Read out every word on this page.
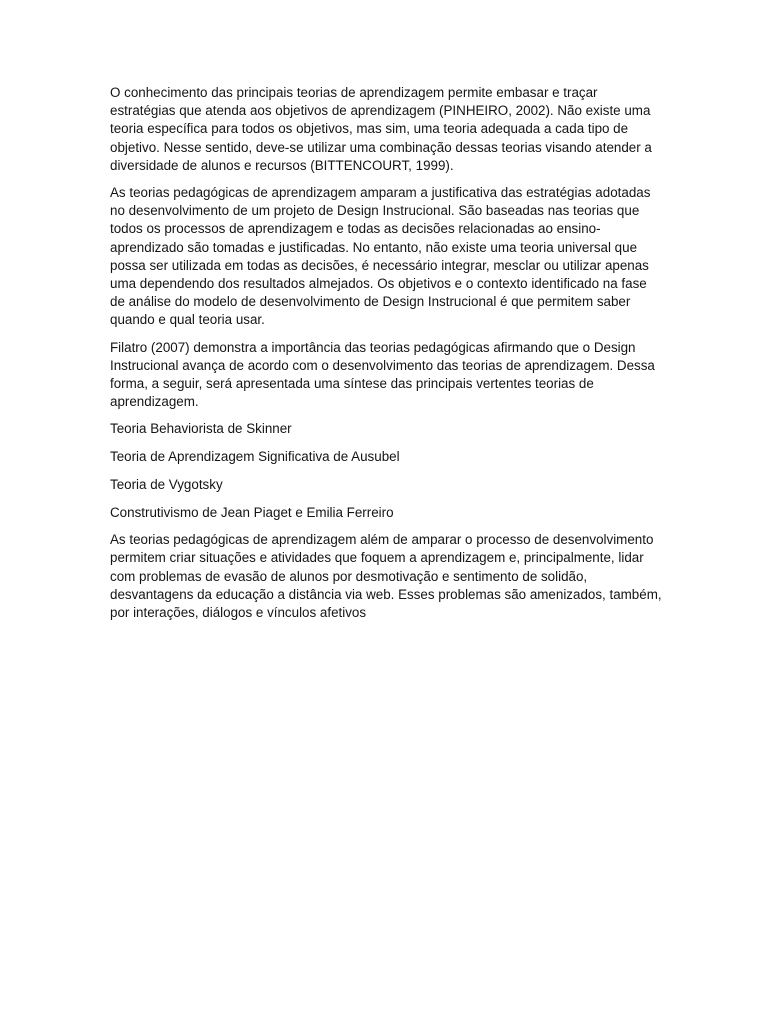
O conhecimento das principais teorias de aprendizagem permite embasar e traçar estratégias que atenda aos objetivos de aprendizagem (PINHEIRO, 2002). Não existe uma teoria específica para todos os objetivos, mas sim, uma teoria adequada a cada tipo de objetivo. Nesse sentido, deve-se utilizar uma combinação dessas teorias visando atender a diversidade de alunos e recursos (BITTENCOURT, 1999).

As teorias pedagógicas de aprendizagem amparam a justificativa das estratégias adotadas no desenvolvimento de um projeto de Design Instrucional. São baseadas nas teorias que todos os processos de aprendizagem e todas as decisões relacionadas ao ensino-aprendizado são tomadas e justificadas. No entanto, não existe uma teoria universal que possa ser utilizada em todas as decisões, é necessário integrar, mesclar ou utilizar apenas uma dependendo dos resultados almejados. Os objetivos e o contexto identificado na fase de análise do modelo de desenvolvimento de Design Instrucional é que permitem saber quando e qual teoria usar.

Filatro (2007) demonstra a importância das teorias pedagógicas afirmando que o Design Instrucional avança de acordo com o desenvolvimento das teorias de aprendizagem. Dessa forma, a seguir, será apresentada uma síntese das principais vertentes teorias de aprendizagem.

Teoria Behaviorista de Skinner

Teoria de Aprendizagem Significativa de Ausubel

Teoria de Vygotsky

Construtivismo de Jean Piaget e Emilia Ferreiro

As teorias pedagógicas de aprendizagem além de amparar o processo de desenvolvimento permitem criar situações e atividades que foquem a aprendizagem e, principalmente, lidar com problemas de evasão de alunos por desmotivação e sentimento de solidão, desvantagens da educação a distância via web. Esses problemas são amenizados, também, por interações, diálogos e vínculos afetivos
